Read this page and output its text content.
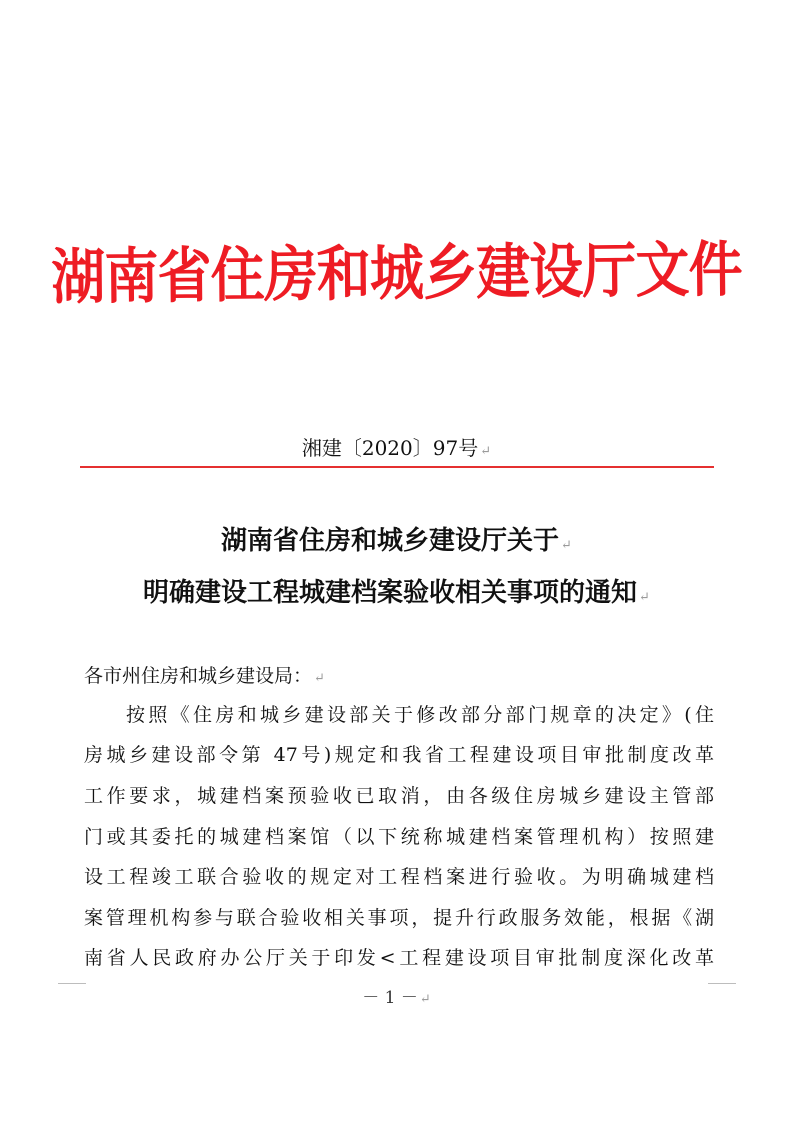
湖南省住房和城乡建设厅文件
湘建〔2020〕97号 ↵
湖南省住房和城乡建设厅关于 ↵
明确建设工程城建档案验收相关事项的通知 ↵
各市州住房和城乡建设局： ↵
按照《住房和城乡建设部关于修改部分部门规章的决定》(住
房城乡建设部令第 47号)规定和我省工程建设项目审批制度改革
工作要求，城建档案预验收已取消，由各级住房城乡建设主管部
门或其委托的城建档案馆（以下统称城建档案管理机构）按照建
设工程竣工联合验收的规定对工程档案进行验收。为明确城建档
案管理机构参与联合验收相关事项，提升行政服务效能，根据《湖
南省人民政府办公厅关于印发<工程建设项目审批制度深化改革
－ 1 － ↵
